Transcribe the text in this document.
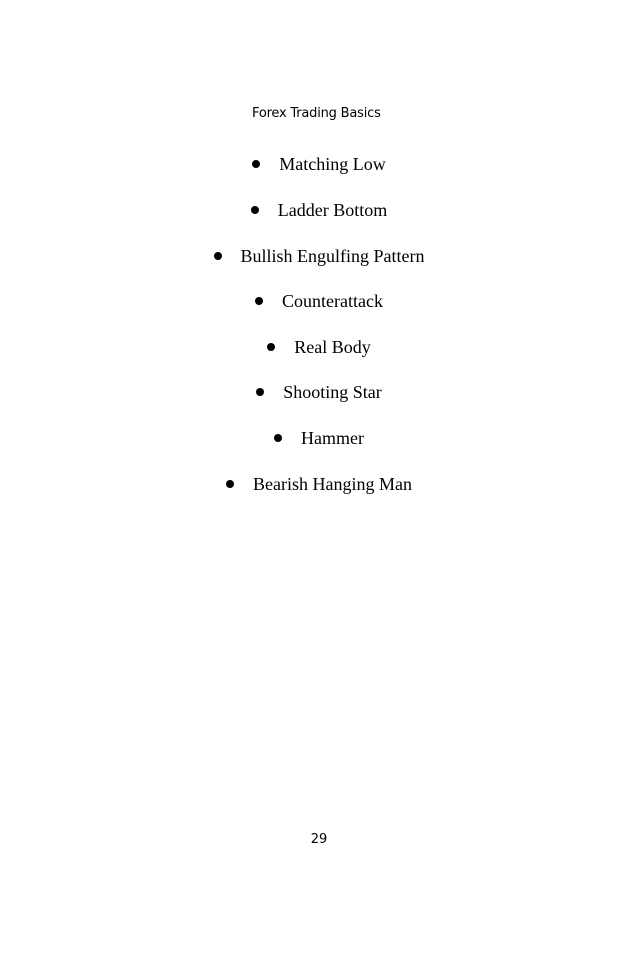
Forex Trading Basics
Matching Low
Ladder Bottom
Bullish Engulfing Pattern
Counterattack
Real Body
Shooting Star
Hammer
Bearish Hanging Man
29
